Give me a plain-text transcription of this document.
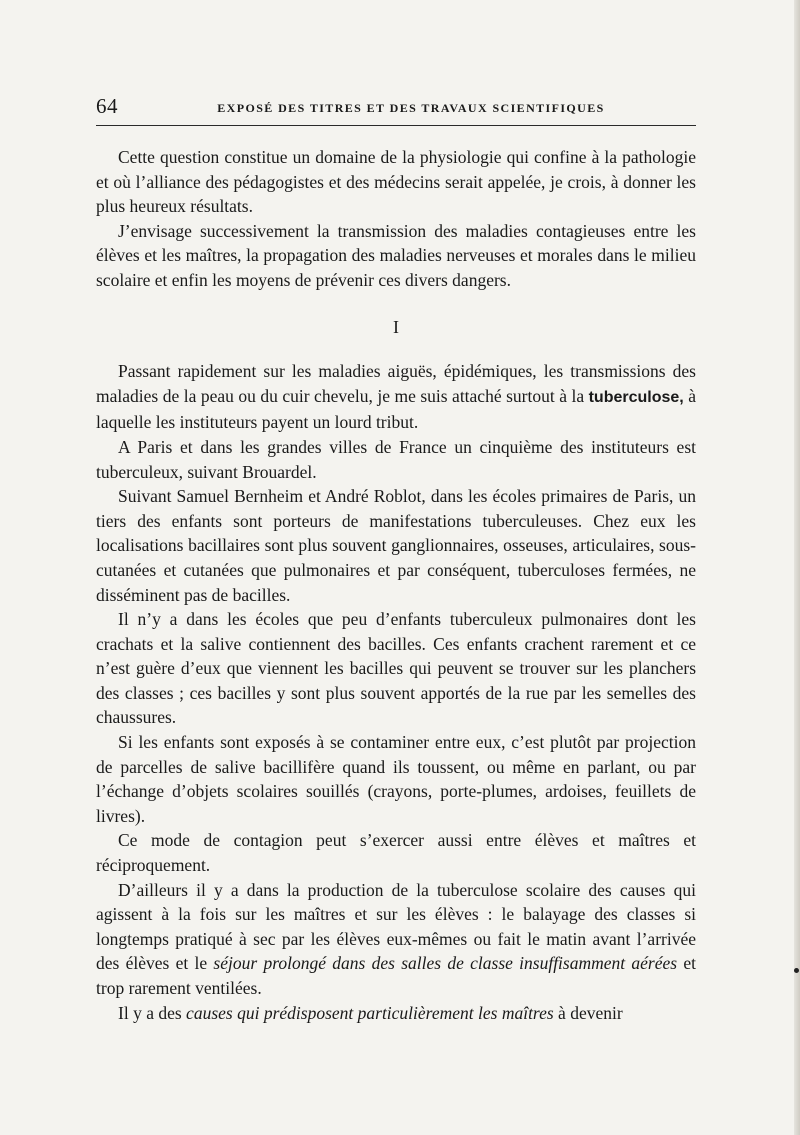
64	EXPOSÉ DES TITRES ET DES TRAVAUX SCIENTIFIQUES

Cette question constitue un domaine de la physiologie qui confine à la pathologie et où l’alliance des pédagogistes et des médecins serait appelée, je crois, à donner les plus heureux résultats.

J’envisage successivement la transmission des maladies contagieuses entre les élèves et les maîtres, la propagation des maladies nerveuses et morales dans le milieu scolaire et enfin les moyens de prévenir ces divers dangers.

I

Passant rapidement sur les maladies aiguës, épidémiques, les transmissions des maladies de la peau ou du cuir chevelu, je me suis attaché surtout à la tuberculose, à laquelle les instituteurs payent un lourd tribut.

A Paris et dans les grandes villes de France un cinquième des instituteurs est tuberculeux, suivant Brouardel.

Suivant Samuel Bernheim et André Roblot, dans les écoles primaires de Paris, un tiers des enfants sont porteurs de manifestations tuberculeuses. Chez eux les localisations bacillaires sont plus souvent ganglionnaires, osseuses, articulaires, sous-cutanées et cutanées que pulmonaires et par conséquent, tuberculoses fermées, ne disséminent pas de bacilles.

Il n’y a dans les écoles que peu d’enfants tuberculeux pulmonaires dont les crachats et la salive contiennent des bacilles. Ces enfants crachent rarement et ce n’est guère d’eux que viennent les bacilles qui peuvent se trouver sur les planchers des classes ; ces bacilles y sont plus souvent apportés de la rue par les semelles des chaussures.

Si les enfants sont exposés à se contaminer entre eux, c’est plutôt par projection de parcelles de salive bacillifère quand ils toussent, ou même en parlant, ou par l’échange d’objets scolaires souillés (crayons, porte-plumes, ardoises, feuillets de livres).

Ce mode de contagion peut s’exercer aussi entre élèves et maîtres et réciproquement.

D’ailleurs il y a dans la production de la tuberculose scolaire des causes qui agissent à la fois sur les maîtres et sur les élèves : le balayage des classes si longtemps pratiqué à sec par les élèves eux-mêmes ou fait le matin avant l’arrivée des élèves et le séjour prolongé dans des salles de classe insuffisamment aérées et trop rarement ventilées.

Il y a des causes qui prédisposent particulièrement les maîtres à devenir
